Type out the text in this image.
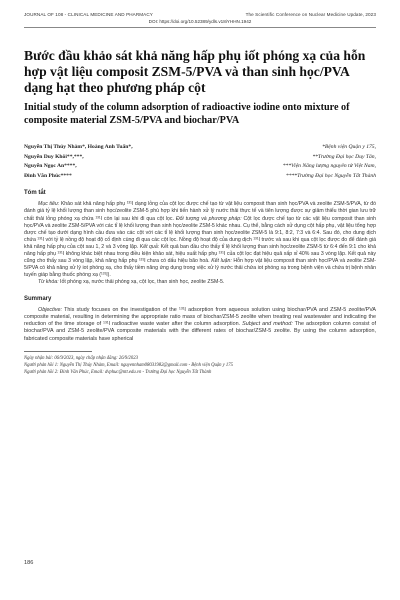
JOURNAL OF 108 - CLINICAL MEDICINE AND PHARMACY	The Scientific Conference on Nuclear Medicine Update, 2023
DOI: https://doi.org/10.52389/ydls.v18iYHHN.1942
Bước đầu khảo sát khả năng hấp phụ iốt phóng xạ của hỗn hợp vật liệu composit ZSM-5/PVA và than sinh học/PVA dạng hạt theo phương pháp cột
Initial study of the column adsorption of radioactive iodine onto mixture of composite material ZSM-5/PVA and biochar/PVA
Nguyễn Thị Thúy Nhàm*, Hoàng Anh Tuấn*,
Nguyễn Duy Khôi**,***,
Nguyễn Ngọc An****,
Đinh Văn Phúc****
*Bệnh viện Quận y 175,
**Trường Đại học Duy Tân,
***Viện Năng lượng nguyên tử Việt Nam,
****Trường Đại học Nguyễn Tất Thành
Tóm tắt
Mục tiêu: Khảo sát khả năng hấp phụ ¹³¹I dạng lỏng của cột lọc được chế tạo từ vật liệu composit than sinh học/PVA và zeolite ZSM-5/PVA, từ đó đánh giá tỷ lệ khối lượng than sinh học/zeolite ZSM-5 phù hợp khi tiến hành xử lý nước thải thực tế và tiên lượng được sự giảm thiểu thời gian lưu trữ chất thải lỏng phóng xạ chứa ¹³¹I còn lại sau khi đi qua cột lọc. Đối tượng và phương pháp: Cột lọc được chế tạo từ các vật liệu composit than sinh học/PVA và zeolite ZSM-5/PVA với các tỉ lệ khối lượng than sinh học/zeolite ZSM-5 khác nhau. Cụ thể, bằng cách sử dụng cột hấp phụ, vật liệu tổng hợp được chế tạo dưới dạng hình cầu đưa vào các cột với các tỉ lệ khối lượng than sinh học/zeolite ZSM-5 là 9:1, 8:2, 7:3 và 6:4. Sau đó, cho dung dịch chứa ¹³¹I với tỷ lệ nồng độ hoạt độ cố định cùng đi qua các cột lọc. Nồng độ hoạt độ của dung dịch ¹³¹I trước và sau khi qua cột lọc được đo để đánh giá khả năng hấp phụ của cột sau 1, 2 và 3 vòng lặp. Kết quả: Kết quả ban đầu cho thấy tỉ lệ khối lượng than sinh học/zeolite ZSM-5 từ 6:4 đến 9:1 cho khả năng hấp phụ ¹³¹I không khác biệt nhau trong điều kiện khảo sát, hiệu suất hấp phụ ¹³¹I của cột lọc đạt hiệu quả xấp xỉ 40% sau 3 vòng lặp. Kết quả này cũng cho thấy sau 3 vòng lặp, khả năng hấp phụ ¹³¹I chưa có dấu hiệu bão hoà. Kết luận: Hỗn hợp vật liệu composit than sinh học/PVA và zeolite ZSM-5/PVA có khả năng xử lý iot phóng xạ, cho thấy tiềm năng ứng dụng trong việc xử lý nước thải chứa iot phóng xạ trong bệnh viện và chứa trị bệnh nhân tuyến giáp bằng thuốc phóng xạ (¹³¹I).
Từ khóa: Iốt phóng xạ, nước thải phóng xạ, cột lọc, than sinh học, zeolite ZSM-5.
Summary
Objective: This study focuses on the investigation of the ¹³¹I adsorption from aqueous solution using biochar/PVA and ZSM-5 zeolite/PVA composite material, resulting in determining the appropriate ratio mass of biochar/ZSM-5 zeolite when treating real wastewater and indicating the reduction of the time storage of ¹³¹I radioactive waste water after the column adsorption. Subject and method: The adsorption column consist of biochar/PVA and ZSM-5 zeolite/PVA composite materials with the different rates of biochar/ZSM-5 zeolite. By using the column adsorption, fabricated composite materials have spherical
Ngày nhận bài: 06/9/2023, ngày chấp nhận đăng: 26/9/2023
Người phản hồi 1: Nguyễn Thị Thúy Nhàm, Email: nguyennham08031982@gmail.com - Bệnh viện Quận y 175
Người phản hồi 2: Đinh Văn Phúc, Email: dvphuc@ntt.edu.vn - Trường Đại học Nguyễn Tất Thành
186
